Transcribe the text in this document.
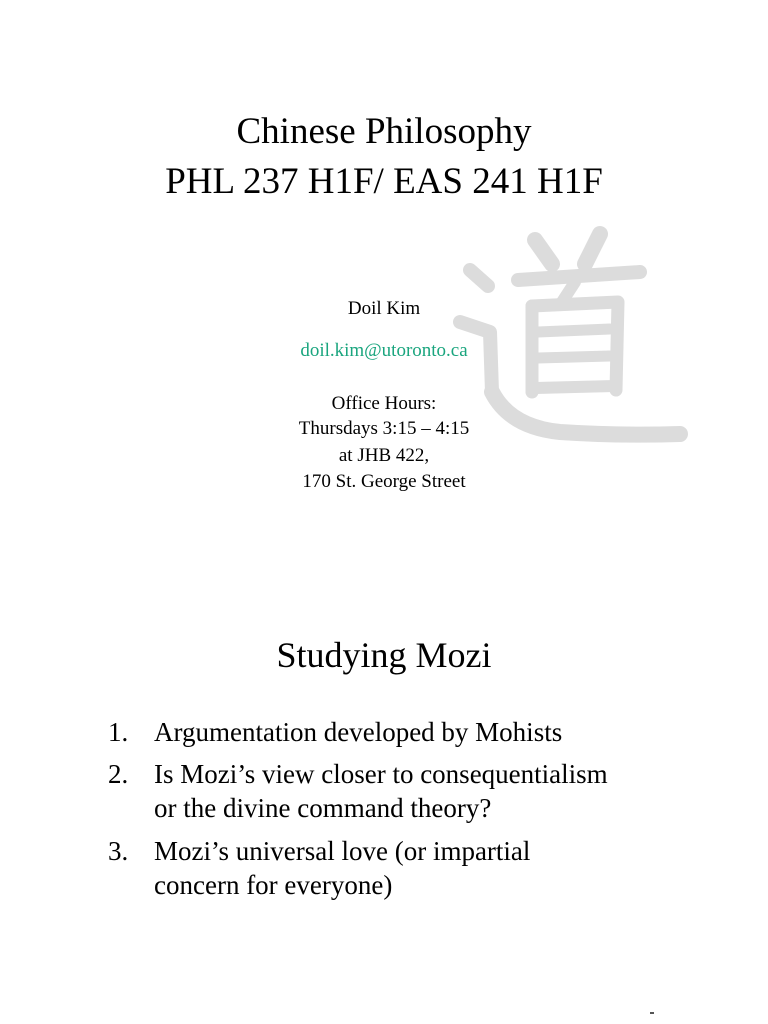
Chinese Philosophy
PHL 237 H1F/ EAS 241 H1F
Doil Kim
doil.kim@utoronto.ca
Office Hours:
Thursdays 3:15 – 4:15
at JHB 422,
170 St. George Street
Studying Mozi
1. Argumentation developed by Mohists
2. Is Mozi’s view closer to consequentialism
or the divine command theory?
3. Mozi’s universal love (or impartial
concern for everyone)
